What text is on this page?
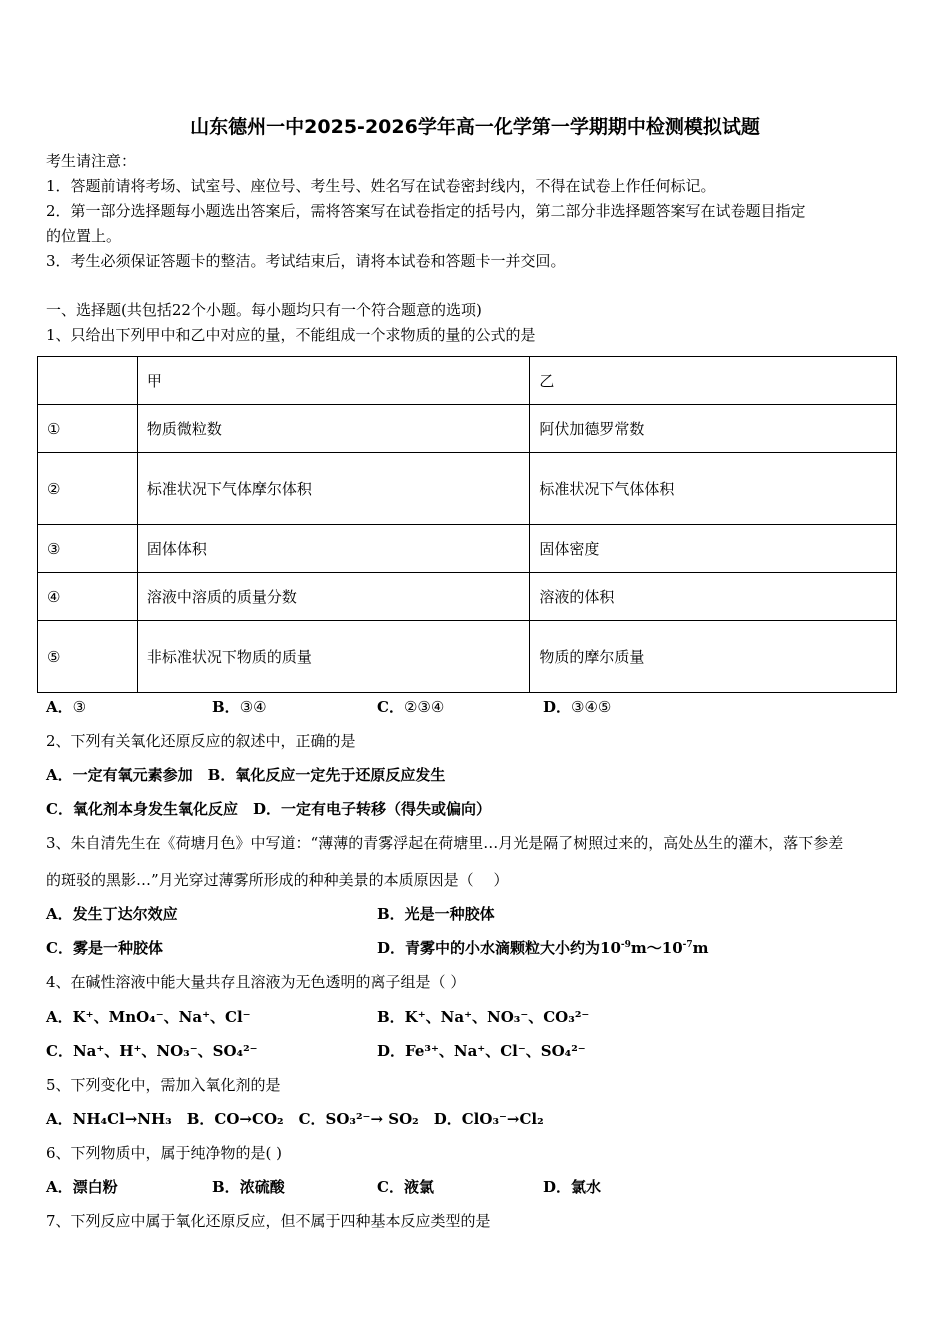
山东德州一中2025-2026学年高一化学第一学期期中检测模拟试题
考生请注意：
1．答题前请将考场、试室号、座位号、考生号、姓名写在试卷密封线内，不得在试卷上作任何标记。
2．第一部分选择题每小题选出答案后，需将答案写在试卷指定的括号内，第二部分非选择题答案写在试卷题目指定
的位置上。
3．考生必须保证答题卡的整洁。考试结束后，请将本试卷和答题卡一并交回。
一、选择题(共包括22个小题。每小题均只有一个符合题意的选项)
1、只给出下列甲中和乙中对应的量，不能组成一个求物质的量的公式的是
	甲	乙
①	物质微粒数	阿伏加德罗常数
②	标准状况下气体摩尔体积	标准状况下气体体积
③	固体体积	固体密度
④	溶液中溶质的质量分数	溶液的体积
⑤	非标准状况下物质的质量	物质的摩尔质量
A．③	B．③④	C．②③④	D．③④⑤
2、下列有关氧化还原反应的叙述中，正确的是
A．一定有氧元素参加　B．氧化反应一定先于还原反应发生
C．氧化剂本身发生氧化反应　D．一定有电子转移（得失或偏向）
3、朱自清先生在《荷塘月色》中写道：“薄薄的青雾浮起在荷塘里…月光是隔了树照过来的，高处丛生的灌木，落下参差
的斑驳的黑影…”月光穿过薄雾所形成的种种美景的本质原因是（　 ）
A．发生丁达尔效应	B．光是一种胶体
C．雾是一种胶体	D．青雾中的小水滴颗粒大小约为$10^{-9}m\sim 10^{-7}m$
4、在碱性溶液中能大量共存且溶液为无色透明的离子组是（ ）
A．K⁺、MnO₄⁻、Na⁺、Cl⁻	B．K⁺、Na⁺、NO₃⁻、CO₃²⁻
C．Na⁺、H⁺、NO₃⁻、SO₄²⁻	D．Fe³⁺、Na⁺、Cl⁻、SO₄²⁻
5、下列变化中，需加入氧化剂的是
A．NH₄Cl→NH₃　B．CO→CO₂　C．SO₃²⁻→ SO₂　D．ClO₃⁻→Cl₂
6、下列物质中，属于纯净物的是( )
A．漂白粉	B．浓硫酸	C．液氯	D．氯水
7、下列反应中属于氧化还原反应，但不属于四种基本反应类型的是
